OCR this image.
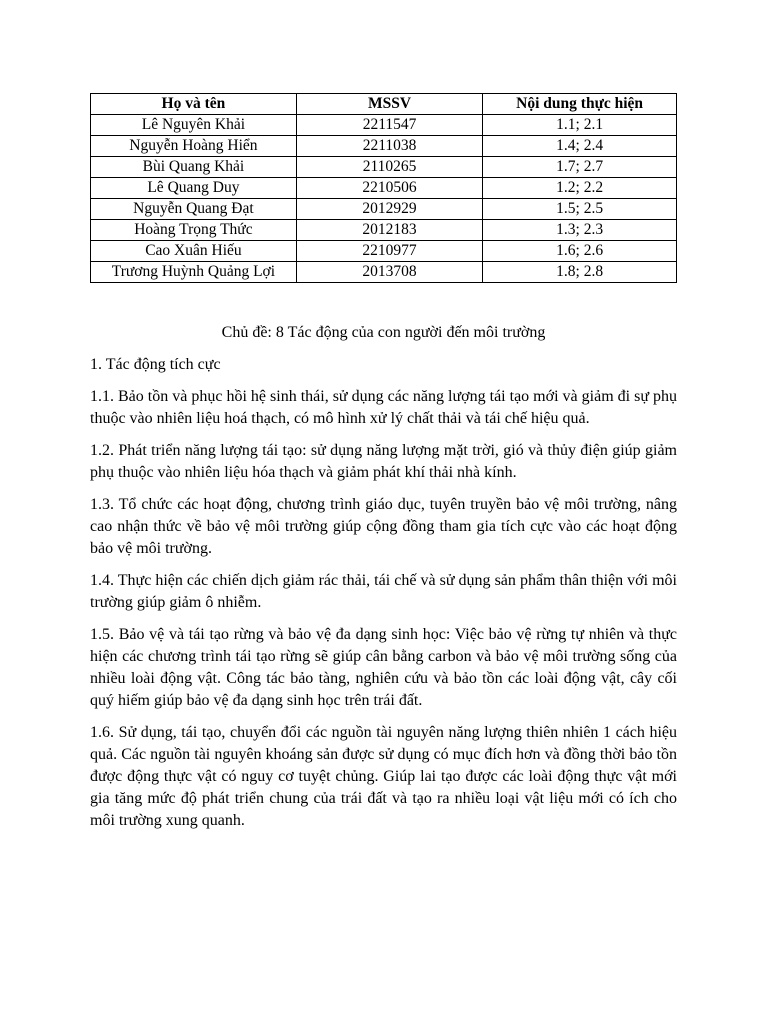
Họ và tên	MSSV	Nội dung thực hiện
Lê Nguyên Khải	2211547	1.1; 2.1
Nguyễn Hoàng Hiển	2211038	1.4; 2.4
Bùi Quang Khải	2110265	1.7; 2.7
Lê Quang Duy	2210506	1.2; 2.2
Nguyễn Quang Đạt	2012929	1.5; 2.5
Hoàng Trọng Thức	2012183	1.3; 2.3
Cao Xuân Hiếu	2210977	1.6; 2.6
Trương Huỳnh Quảng Lợi	2013708	1.8; 2.8
Chủ đề: 8 Tác động của con người đến môi trường

1. Tác động tích cực

1.1. Bảo tồn và phục hồi hệ sinh thái, sử dụng các năng lượng tái tạo mới và giảm đi sự phụ thuộc vào nhiên liệu hoá thạch, có mô hình xử lý chất thải và tái chế hiệu quả.

1.2. Phát triển năng lượng tái tạo: sử dụng năng lượng mặt trời, gió và thủy điện giúp giảm phụ thuộc vào nhiên liệu hóa thạch và giảm phát khí thải nhà kính.

1.3. Tổ chức các hoạt động, chương trình giáo dục, tuyên truyền bảo vệ môi trường, nâng cao nhận thức về bảo vệ môi trường giúp cộng đồng tham gia tích cực vào các hoạt động bảo vệ môi trường.

1.4. Thực hiện các chiến dịch giảm rác thải, tái chế và sử dụng sản phẩm thân thiện với môi trường giúp giảm ô nhiễm.

1.5. Bảo vệ và tái tạo rừng và bảo vệ đa dạng sinh học: Việc bảo vệ rừng tự nhiên và thực hiện các chương trình tái tạo rừng sẽ giúp cân bằng carbon và bảo vệ môi trường sống của nhiều loài động vật. Công tác bảo tàng, nghiên cứu và bảo tồn các loài động vật, cây cối quý hiếm giúp bảo vệ đa dạng sinh học trên trái đất.

1.6. Sử dụng, tái tạo, chuyển đổi các nguồn tài nguyên năng lượng thiên nhiên 1 cách hiệu quả. Các nguồn tài nguyên khoáng sản được sử dụng có mục đích hơn và đồng thời bảo tồn được động thực vật có nguy cơ tuyệt chủng. Giúp lai tạo được các loài động thực vật mới gia tăng mức độ phát triển chung của trái đất và tạo ra nhiều loại vật liệu mới có ích cho môi trường xung quanh.
